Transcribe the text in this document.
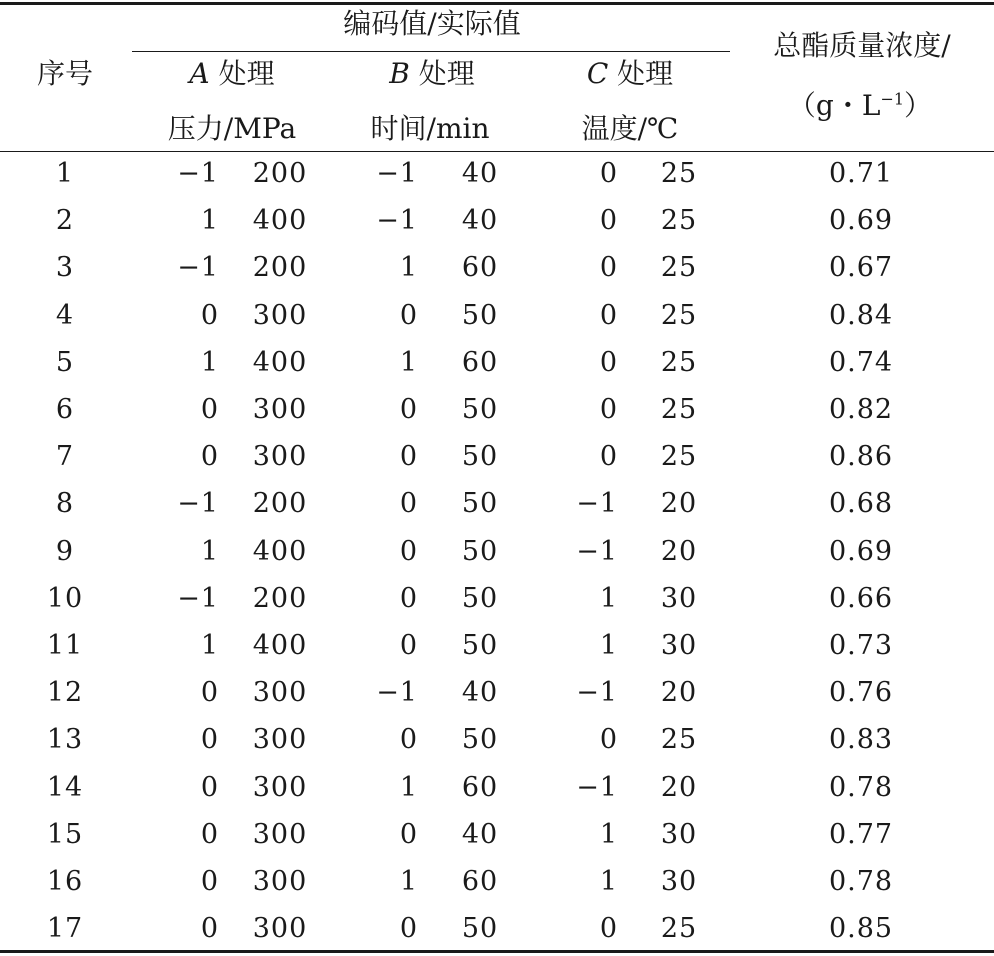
序号
编码值/实际值
总酯质量浓度/
（g・$L^{-1}$）
A 处理	B 处理	C 处理
压力/MPa	时间/min	温度/℃
1	−1 200	−1 40	0 25	0.71
2	1 400	−1 40	0 25	0.69
3	−1 200	1 60	0 25	0.67
4	0 300	0 50	0 25	0.84
5	1 400	1 60	0 25	0.74
6	0 300	0 50	0 25	0.82
7	0 300	0 50	0 25	0.86
8	−1 200	0 50	−1 20	0.68
9	1 400	0 50	−1 20	0.69
10	−1 200	0 50	1 30	0.66
11	1 400	0 50	1 30	0.73
12	0 300	−1 40	−1 20	0.76
13	0 300	0 50	0 25	0.83
14	0 300	1 60	−1 20	0.78
15	0 300	0 40	1 30	0.77
16	0 300	1 60	1 30	0.78
17	0 300	0 50	0 25	0.85
